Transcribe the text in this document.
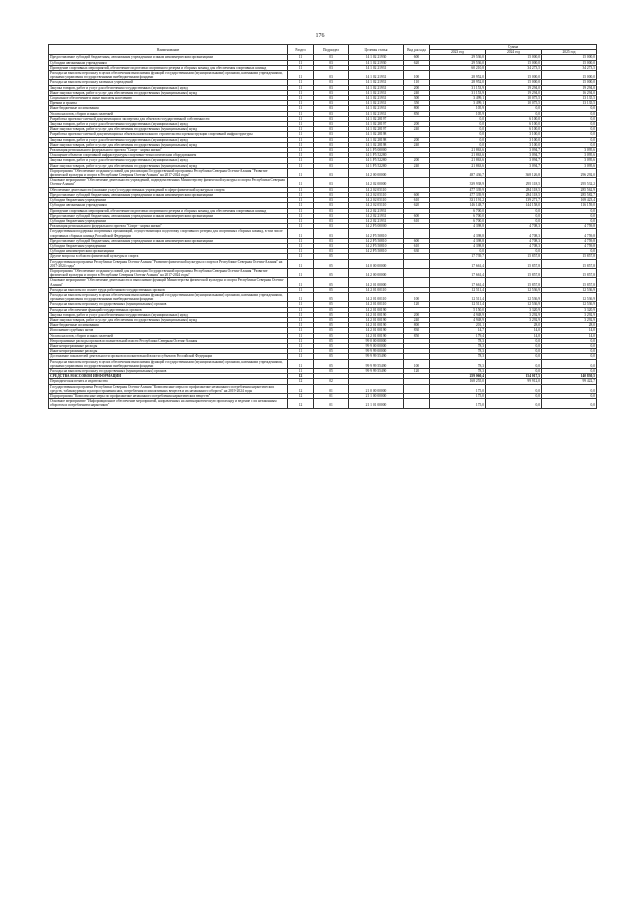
176
Наименование	Раздел	Подраздел	Целевая статья	Вид расхода	Сумма		
					2023 год	2024 год	2025 год
Предоставление субсидий бюджетным, автономным учреждениям и иным некоммерческим организациям	11	03	14 1 02 21930	600	29 536,0	15 000,0	15 000,0
Субсидии автономным учреждениям	11	03	14 1 02 21930	620	29 536,0	15 000,0	15 000,0
Проведение спортивных мероприятий, обеспечение подготовки спортивного резерва и сборных команд для обеспечения спортивных команд	11	03	14 1 02 21931		60 210,8	34 273,5	34 273,5
Расходы на выплаты персоналу в целях обеспечения выполнения функций государственными (муниципальными) органами, казенными учреждениями, органами управления государственными внебюджетными фондами	11	03	14 1 02 21931	100	28 952,0	15 000,0	15 000,0
Расходы на выплаты персоналу казенных учреждений	11	03	14 1 02 21931	110	28 952,0	15 000,0	15 000,0
Закупка товаров, работ и услуг для обеспечения государственных (муниципальных) нужд	11	03	14 1 02 21931	200	31 153,9	19 294,0	19 294,0
Иные закупки товаров, работ и услуг для обеспечения государственных (муниципальных) нужд	11	03	14 1 02 21931	240	31 153,9	19 294,0	16 294,0
Социальное обеспечение и иные выплаты населению	11	03	14 1 02 21931	300	3 499,1	10 075,5	13 135,5
Премии и гранты	11	03	14 1 02 21931	350	3 499,1	10 075,5	13 135,5
Иные бюджетные ассигнования	11	03	14 1 02 21931	800	105,9	0,0	0,0
Уплата налогов, сборов и иных платежей	11	03	14 1 02 21931	850	105,9	0,0	0,0
Разработка проектно-сметной документации и экспертиза для объектов государственной собственности	11	03	14 1 02 28197		0,0	6 100,0	0,0
Закупка товаров, работ и услуг для обеспечения государственных (муниципальных) нужд	11	03	14 1 02 28197	200	0,0	6 100,0	0,0
Иные закупки товаров, работ и услуг для обеспечения государственных (муниципальных) нужд	11	03	14 1 02 28197	240	0,0	6 100,0	0,0
Разработка проектно-сметной документации на объекты капитального строительства и реконструкции спортивной инфраструктуры	11	03	14 1 02 28198		0,0	3 100,0	0,0
Закупка товаров, работ и услуг для обеспечения государственных (муниципальных) нужд	11	03	14 1 02 28198	200	0,0	3 100,0	0,0
Иные закупки товаров, работ и услуг для обеспечения государственных (муниципальных) нужд	11	03	14 1 02 28198	240	0,0	3 100,0	0,0
Реализация регионального федерального проекта "Спорт - норма жизни"	11	03	14 1 P5 00000		21 863,6	3 094,7	3 095,6
Оснащение объектов спортивной инфраструктуры спортивно-технологическим оборудованием	11	03	14 1 P5 52280		21 863,6	3 094,7	3 095,6
Закупка товаров, работ и услуг для обеспечения государственных (муниципальных) нужд	11	03	14 1 P5 52280	200	21 863,6	3 094,7	3 095,6
Иные закупки товаров, работ и услуг для обеспечения государственных (муниципальных) нужд	11	03	14 1 P5 52280	240	21 863,6	3 094,7	3 095,6
Подпрограмма "Обеспечение создания условий для реализации Государственной программы Республики Северная Осетия-Алания "Развитие физической культуры и спорта в Республике Северная Осетия-Алания" на 2017-2024 годы"	11	03	14 2 00 00000		487 436,7	368 126,8	296 292,0
Основное мероприятие "Обеспечение деятельности учреждений, подведомственных Министерству физической культуры и спорта Республики Северная Осетия-Алания"	11	03	14 2 02 00000		339 938,9	295 118,5	295 532,2
Обеспечение деятельности (оказание услуг) государственных учреждений в сфере физической культуры и спорта	11	03	14 2 02 05110		477 339,9	284 118,5	285 562,9
Предоставление субсидий бюджетным, автономным учреждениям и иным некоммерческим организациям	11	03	14 2 02 05110	600	477 339,9	284 118,5	285 582,7
Субсидии бюджетным учреждениям	11	03	14 2 02 05110	610	331 191,2	139 271,7	169 423,4
Субсидии автономным учреждениям	11	03	14 2 02 05110	620	146 148,7	144 158,0	116 159,0
Проведение спортивных мероприятий, обеспечение подготовки спортивного резерва и сборных команд для обеспечения спортивных команд	11	03	14 2 02 21931		6 700,0	0,0	0,0
Предоставление субсидий бюджетным, автономным учреждениям и иным некоммерческим организациям	11	03	14 2 02 21931	600	6 700,0	0,0	0,0
Субсидии бюджетным учреждениям	11	03	14 2 02 21931	610	6 700,0	0,0	0,0
Реализация регионального федерального проекта "Спорт - норма жизни"	11	03	14 2 P5 00000		4 398,8	4 708,3	4 759,8
Государственная поддержка спортивных организаций, осуществляющих подготовку спортивного резерва для спортивных сборных команд, в том числе спортивных сборных команд Российской Федерации	11	03	14 2 P5 50810		4 398,8	4 708,3	4 759,8
Предоставление субсидий бюджетным, автономным учреждениям и иным некоммерческим организациям	11	03	14 2 P5 50810	600	4 398,8	4 708,3	4 759,8
Субсидии бюджетным учреждениям	11	03	14 2 P5 50810	610	4 398,8	4 708,3	4 759,8
Субсидии некоммерческим организациям	11	03	14 2 P5 50810	630	0,0	0,0	0,0
Другие вопросы в области физической культуры и спорта	11	05			17 739,7	15 857,8	15 857,8
Государственная программа Республики Северная Осетия-Алания "Развитие физической культуры и спорта в Республике Северная Осетия-Алания" на 2017-2024 годы"	11	05	14 0 00 00000		17 661,4	15 857,8	15 857,8
Подпрограмма "Обеспечение создания условий для реализации Государственной программы Республики Северная Осетия-Алания "Развитие физической культуры и спорта в Республике Северная Осетия-Алания" на 2017-2024 годы"	11	05	14 2 00 00000		17 661,4	15 857,8	15 857,8
Основное мероприятие "Обеспечение деятельности и выполнение функций Министерства физической культуры и спорта Республики Северная Осетия-Алания"	11	05	14 2 01 00000		17 661,4	15 857,8	15 857,8
Расходы на выплаты по оплате труда работников государственных органов	11	05	14 2 01 00110		12 511,4	12 536,9	12 536,9
Расходы на выплаты персоналу в целях обеспечения выполнения функций государственными (муниципальными) органами, казенными учреждениями, органами управления государственными внебюджетными фондами	11	05	14 2 01 00110	100	12 511,4	12 536,9	12 536,9
Расходы на выплаты персоналу государственных (муниципальных) органов	11	05	14 2 01 00110	120	12 511,4	12 536,9	12 536,9
Расходы на обеспечение функций государственных органов	11	05	14 2 01 00190		5 150,0	3 320,9	3 320,9
Закупка товаров, работ и услуг для обеспечения государственных (муниципальных) нужд	11	05	14 2 01 00190	200	4 948,9	3 292,9	3 292,9
Иные закупки товаров, работ и услуг для обеспечения государственных (муниципальных) нужд	11	05	14 2 01 00190	240	4 948,9	3 292,9	3 292,9
Иные бюджетные ассигнования	11	05	14 2 01 00190	800	201,1	28,0	28,0
Исполнение судебных актов	11	05	14 2 01 00190	830	14,7	14,0	14,0
Уплата налогов, сборов и иных платежей	11	05	14 2 01 00190	850	179,4	14,0	14,0
Непрограммные расходы органов исполнительной власти Республики Северная Осетия-Алания	11	05	99 0 00 00000		78,3	0,0	0,0
Иные непрограммные расходы	11	05	99 9 00 00000		78,3	0,0	0,0
Иные непрограммные расходы	11	05	99 9 99 00000		78,3	0,0	0,0
Достижение показателей деятельности органов исполнительной власти субъектов Российской Федерации	11	05	99 9 99 55490		78,3	0,0	0,0
Расходы на выплаты персоналу в целях обеспечения выполнения функций государственными (муниципальными) органами, казенными учреждениями, органами управления государственными внебюджетными фондами	11	05	99 9 99 55490	100	78,3	0,0	0,0
Расходы на выплаты персоналу государственных (муниципальных) органов	11	05	99 9 99 55490	120	78,3	0,0	0,0
СРЕДСТВА МАССОВОЙ ИНФОРМАЦИИ	12				259 060,4	154 017,5	140 830,5
Периодическая печать и издательства	12	02			168 255,0	99 912,0	99 422,7
Государственная программа Республики Северная Осетия-Алания "Комплексные меры по профилактике незаконного потребления наркотических средств, табакокурения и распространения них, потребления психоактивных веществ и их незаконного оборота" на 2019-2024 годы	12	01	21 0 00 00000		175,0	0,0	0,0
Подпрограмма "Комплексные меры по профилактике незаконного потребления наркотических веществ"	12	01	21 1 00 00000		175,0	0,0	0,0
Основное мероприятие "Информационное обеспечение мероприятий, направленных на антинаркотическую пропаганду и ведение с их незаконным оборотом и потреблением наркотиков"	12	01	21 1 01 00000		175,0	0,0	0,0
